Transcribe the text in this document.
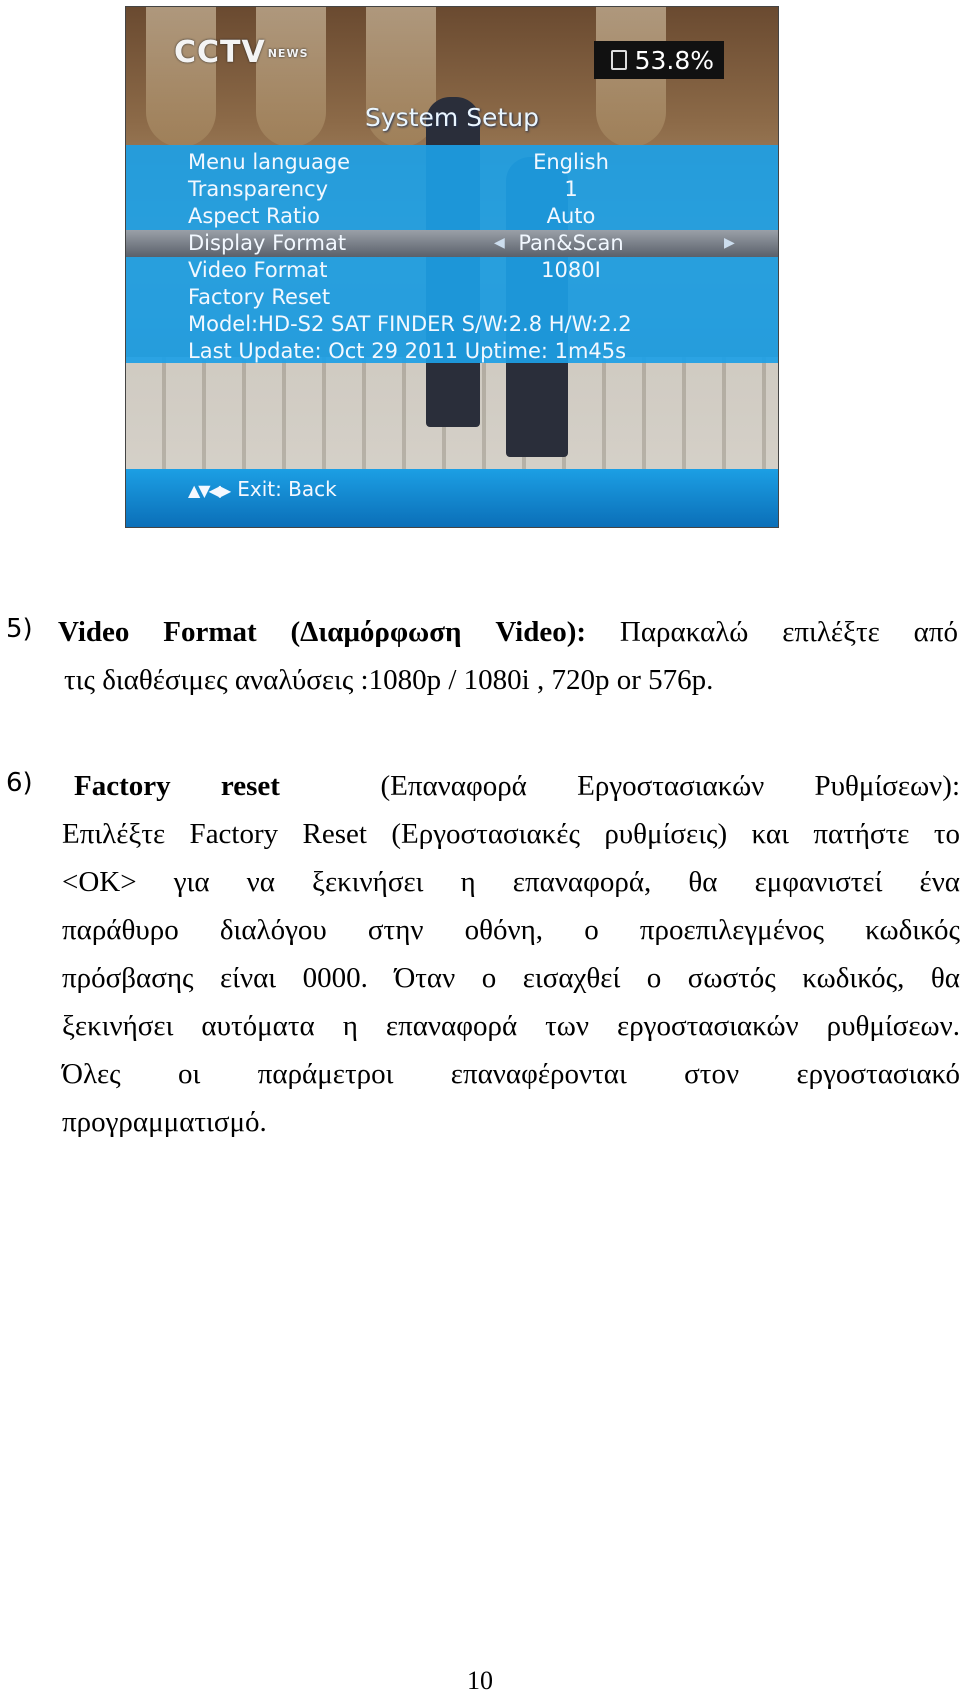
CCTV NEWS	53.8%
System Setup
Menu language	English
Transparency	1
Aspect Ratio	Auto
Display Format	◀ Pan&Scan	▶
Video Format	1080I
Factory Reset
Model:HD-S2 SAT FINDER S/W:2.8 H/W:2.2
Last Update: Oct 29 2011 Uptime: 1m45s
▲▼◀▶ Exit: Back
5) Video Format (Διαμόρφωση Video): Παρακαλώ επιλέξτε από
τις διαθέσιμες αναλύσεις :1080p / 1080i , 720p or 576p.
6)	Factory reset	(Επαναφορά Εργοστασιακών Ρυθμίσεων):
Επιλέξτε Factory Reset (Εργοστασιακές ρυθμίσεις) και πατήστε το
<OK> για να ξεκινήσει η επαναφορά, θα εμφανιστεί ένα
παράθυρο διαλόγου στην οθόνη, ο προεπιλεγμένος κωδικός
πρόσβασης είναι 0000. Όταν ο εισαχθεί ο σωστός κωδικός, θα
ξεκινήσει αυτόματα η επαναφορά των εργοστασιακών ρυθμίσεων.
Όλες οι παράμετροι επαναφέρονται στον εργοστασιακό
προγραμματισμό.
10
